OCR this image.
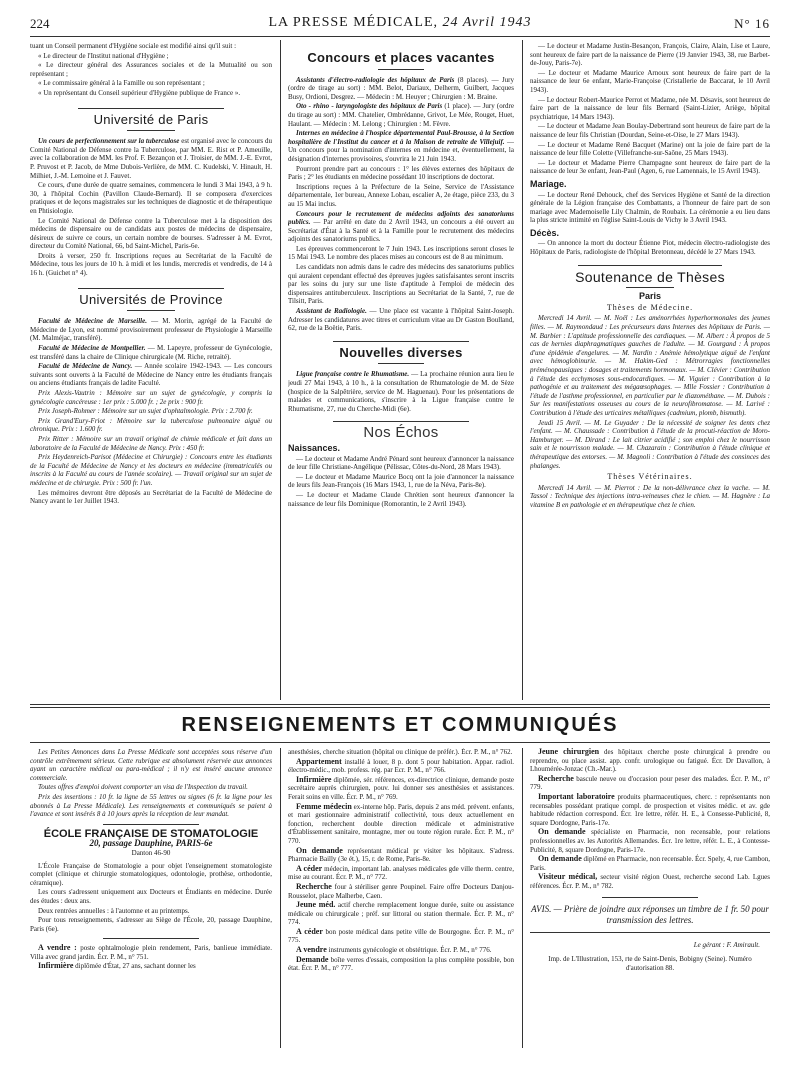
224	LA PRESSE MÉDICALE, 24 Avril 1943	N° 16

tuant un Conseil permanent d'Hygiène sociale est modifié ainsi qu'il suit :

« Le directeur de l'Institut national d'Hygiène ;

« Le directeur général des Assurances sociales et de la Mutualité ou son représentant ;

« Le commissaire général à la Famille ou son représentant ;

« Un représentant du Conseil supérieur d'Hygiène publique de France ».

Université de Paris

Un cours de perfectionnement sur la tuberculose est organisé avec le concours du Comité National de Défense contre la Tuberculose, par MM. E. Rist et P. Ameuille, avec la collaboration de MM. les Prof. F. Bezançon et J. Troisier, de MM. J.-E. Evrot, P. Pruvost et P. Jacob, de Mme Dubois-Verlière, de MM. C. Kudelski, V. Hinault, H. Milhiet, J.-M. Lemoine et J. Fauvet.

Ce cours, d'une durée de quatre semaines, commencera le lundi 3 Mai 1943, à 9 h. 30, à l'hôpital Cochin (Pavillon Claude-Bernard). Il se composera d'exercices pratiques et de leçons magistrales sur les techniques de diagnostic et de thérapeutique en Phtisiologie.

Le Comité National de Défense contre la Tuberculose met à la disposition des médecins de dispensaire ou de candidats aux postes de médecins de dispensaire, désireux de suivre ce cours, un certain nombre de bourses. S'adresser à M. Evrot, directeur du Comité National, 66, bd Saint-Michel, Paris-6e.

Droits à verser, 250 fr. Inscriptions reçues au Secrétariat de la Faculté de Médecine, tous les jours de 10 h. à midi et les lundis, mercredis et vendredis, de 14 à 16 h. (Guichet n° 4).

Universités de Province

Faculté de Médecine de Marseille. — M. Morin, agrégé de la Faculté de Médecine de Lyon, est nommé provisoirement professeur de Physiologie à Marseille (M. Malméjac, transféré).

Faculté de Médecine de Montpellier. — M. Lapeyre, professeur de Gynécologie, est transféré dans la chaire de Clinique chirurgicale (M. Riche, retraité).

Faculté de Médecine de Nancy. — Année scolaire 1942-1943. — Les concours suivants sont ouverts à la Faculté de Médecine de Nancy entre les étudiants français ou anciens étudiants français de ladite Faculté.

Prix Alexis-Vautrin : Mémoire sur un sujet de gynécologie, y compris la gynécologie cancéreuse : 1er prix : 5.000 fr. ; 2e prix : 900 fr.

Prix Joseph-Rohmer : Mémoire sur un sujet d'ophtalmologie. Prix : 2.700 fr.

Prix Grand'Eury-Friot : Mémoire sur la tuberculose pulmonaire aiguë ou chronique. Prix : 1.600 fr.

Prix Ritter : Mémoire sur un travail original de chimie médicale et fait dans un laboratoire de la Faculté de Médecine de Nancy. Prix : 450 fr.

Prix Heydenreich-Parisot (Médecine et Chirurgie) : Concours entre les étudiants de la Faculté de Médecine de Nancy et les docteurs en médecine (immatriculés ou inscrits à la Faculté au cours de l'année scolaire). — Travail original sur un sujet de médecine et de chirurgie. Prix : 500 fr. l'un.

Les mémoires devront être déposés au Secrétariat de la Faculté de Médecine de Nancy avant le 1er Juillet 1943.

Concours et places vacantes

Assistants d'électro-radiologie des hôpitaux de Paris (8 places). — Jury (ordre de tirage au sort) : MM. Belot, Dariaux, Delherm, Guilbert, Jacques Busy, Ordioni, Desgrez. — Médecin : M. Heuyer ; Chirurgien : M. Braine.

Oto - rhino - laryngologiste des hôpitaux de Paris (1 place). — Jury (ordre du tirage au sort) : MM. Chatelier, Ombrédanne, Grivot, Le Mée, Rouget, Huet, Haulant. — Médecin : M. Lelong ; Chirurgien : M. Fèvre.

Internes en médecine à l'hospice départemental Paul-Brousse, à la Section hospitalière de l'Institut du cancer et à la Maison de retraite de Villejuif. — Un concours pour la nomination d'internes en médecine et, éventuellement, la désignation d'internes provisoires, s'ouvrira le 21 Juin 1943.

Pourront prendre part au concours : 1° les élèves externes des hôpitaux de Paris ; 2° les étudiants en médecine possédant 10 inscriptions de doctorat.

Inscriptions reçues à la Préfecture de la Seine, Service de l'Assistance départementale, 1er bureau, Annexe Lobau, escalier A, 2e étage, pièce 233, du 3 au 15 Mai inclus.

Concours pour le recrutement de médecins adjoints des sanatoriums publics. — Par arrêté en date du 2 Avril 1943, un concours a été ouvert au Secrétariat d'État à la Santé et à la Famille pour le recrutement des médecins adjoints des sanatoriums publics.

Les épreuves commenceront le 7 Juin 1943. Les inscriptions seront closes le 15 Mai 1943. Le nombre des places mises au concours est de 8 au minimum.

Les candidats non admis dans le cadre des médecins des sanatoriums publics qui auraient cependant effectué des épreuves jugées satisfaisantes seront inscrits par les soins du jury sur une liste d'aptitude à l'emploi de médecin des dispensaires antituberculeux. Inscriptions au Secrétariat de la Santé, 7, rue de Tilsitt, Paris.

Assistant de Radiologie. — Une place est vacante à l'hôpital Saint-Joseph. Adresser les candidatures avec titres et curriculum vitae au Dr Gaston Boulland, 62, rue de la Boëtie, Paris.

Nouvelles diverses

Ligue française contre le Rhumatisme. — La prochaine réunion aura lieu le jeudi 27 Mai 1943, à 10 h., à la consultation de Rhumatologie de M. de Sèze (hospice de la Salpêtrière, service de M. Haguenau). Pour les présentations de malades et communications, s'inscrire à la Ligue française contre le Rhumatisme, 27, rue du Cherche-Midi (6e).

Nos Échos
Naissances.

— Le docteur et Madame André Pénard sont heureux d'annoncer la naissance de leur fille Christiane-Angélique (Pélissac, Côtes-du-Nord, 28 Mars 1943).

— Le docteur et Madame Maurice Bocq ont la joie d'annoncer la naissance de leurs fils Jean-François (16 Mars 1943, 1, rue de la Néva, Paris-8e).

— Le docteur et Madame Claude Chrétien sont heureux d'annoncer la naissance de leur fils Dominique (Romorantin, le 2 Avril 1943).

— Le docteur et Madame Justin-Besançon, François, Claire, Alain, Lise et Laure, sont heureux de faire part de la naissance de Pierre (19 Janvier 1943, 38, rue Barbet-de-Jouy, Paris-7e).

— Le docteur et Madame Maurice Arnoux sont heureux de faire part de la naissance de leur 6e enfant, Marie-Françoise (Cristallerie de Baccarat, le 10 Avril 1943).

— Le docteur Robert-Maurice Perrot et Madame, née M. Désavis, sont heureux de faire part de la naissance de leur fils Bernard (Saint-Lizier, Ariège, hôpital psychiatrique, 14 Mars 1943).

— Le docteur et Madame Jean Boulay-Debertrand sont heureux de faire part de la naissance de leur fils Christian (Dourdan, Seine-et-Oise, le 27 Mars 1943).

— Le docteur et Madame René Bacquet (Marine) ont la joie de faire part de la naissance de leur fille Colette (Villefranche-sur-Saône, 25 Mars 1943).

— Le docteur et Madame Pierre Champagne sont heureux de faire part de la naissance de leur 3e enfant, Jean-Paul (Agen, 6, rue Lamennais, le 15 Avril 1943).

Mariage.

— Le docteur René Dehouck, chef des Services Hygiène et Santé de la direction générale de la Légion française des Combattants, a l'honneur de faire part de son mariage avec Mademoiselle Lily Chalmin, de Roubaix. La cérémonie a eu lieu dans la plus stricte intimité en l'église Saint-Louis de Vichy le 3 Avril 1943.

Décès.

— On annonce la mort du docteur Étienne Piot, médecin électro-radiologiste des Hôpitaux de Paris, radiologiste de l'hôpital Bretonneau, décédé le 27 Mars 1943.

Soutenance de Thèses
Paris
Thèses de Médecine.

Mercredi 14 Avril. — M. Noël : Les aménorrhées hyperhormonales des jeunes filles. — M. Raymondaud : Les précurseurs dans Internes des hôpitaux de Paris. — M. Barbier : L'aptitude professionnelle des cardiaques. — M. Albert : À propos de 5 cas de hernies diaphragmatiques gauches de l'adulte. — M. Gourgand : À propos d'une épidémie d'engelures. — M. Nardin : Anémie hémolytique aiguë de l'enfant avec hémoglobinurie. — M. Hakim-Ged : Métrorragies fonctionnelles préménopausiques : dosages et traitements hormonaux. — M. Clévier : Contribution à l'étude des ecchymoses sous-endocardiques. — M. Viguier : Contribution à la pathogénie et au traitement des mégaœsophages. — Mlle Fossier : Contribution à l'étude de l'asthme professionnel, en particulier par le diazométhane. — M. Dubois : Sur les manifestations osseuses au cours de la neurofibromatose. — M. Larivé : Contribution à l'étude des urticaires métalliques (cadmium, plomb, bismuth).

Jeudi 15 Avril. — M. Le Guyader : De la nécessité de soigner les dents chez l'enfant. — M. Chaussade : Contribution à l'étude de la procuti-réaction de Moro-Hamburger. — M. Dirand : Le lait citrier acidifié ; son emploi chez le nourrisson sain et le nourrisson malade. — M. Chazarain : Contribution à l'étude clinique et thérapeutique des entorses. — M. Magnoli : Contribution à l'étude des consinces des phalanges.

Thèses Vétérinaires.

Mercredi 14 Avril. — M. Pierrot : De la non-délivrance chez la vache. — M. Tassol : Technique des injections intra-veineuses chez le chien. — M. Hagnère : La vitamine B en pathologie et en thérapeutique chez le chien.

RENSEIGNEMENTS ET COMMUNIQUÉS

Les Petites Annonces dans La Presse Médicale sont acceptées sous réserve d'un contrôle extrêmement sérieux. Cette rubrique est absolument réservée aux annonces ayant un caractère médical ou para-médical ; il n'y est inséré aucune annonce commerciale.

Toutes offres d'emploi doivent comporter un visa de l'Inspection du travail.

Prix des insertions : 10 fr. la ligne de 55 lettres ou signes (6 fr. la ligne pour les abonnés à La Presse Médicale). Les renseignements et communiqués se paient à l'avance et sont insérés 8 à 10 jours après la réception de leur mandat.

ÉCOLE FRANÇAISE DE STOMATOLOGIE
20, passage Dauphine, PARIS-6e
Danton 46-90

L'École Française de Stomatologie a pour objet l'enseignement stomatologiste complet (clinique et chirurgie stomatologiques, odontologie, prothèse, orthodontie, céramique).

Les cours s'adressent uniquement aux Docteurs et Étudiants en médecine. Durée des études : deux ans.

Deux rentrées annuelles : à l'automne et au printemps.

Pour tous renseignements, s'adresser au Siège de l'École, 20, passage Dauphine, Paris (6e).

A vendre : poste ophtalmologie plein rendement, Paris, banlieue immédiate. Villa avec grand jardin. Écr. P. M., n° 751.

Infirmière diplômée d'État, 27 ans, sachant donner les

anesthésies, cherche situation (hôpital ou clinique de préfér.). Écr. P. M., n° 762.

Appartement installé à louer, 8 p. dont 5 pour habitation. Appar. radiol. électro-médic., mob. profess. rég. par Ecr. P. M., n° 766.

Infirmière diplômée, sér. références, ex-directrice clinique, demande poste secrétaire auprès chirurgien, pouv. lui donner ses anesthésies et assistances. Ferait soins en ville. Écr. P. M., n° 769.

Femme médecin ex-interne hôp. Paris, depuis 2 ans méd. prévent. enfants, et mari gestionnaire administratif collectivité, tous deux actuellement en fonction, recherchent double direction médicale et administrative d'Établissement sanitaire, montagne, mer ou toute région rurale. Écr. P. M., n° 770.

On demande représentant médical pr visiter les hôpitaux. S'adress. Pharmacie Bailly (3e ét.), 15, r. de Rome, Paris-8e.

A céder médecin, important lab. analyses médicales gde ville therm. centre, mise au courant. Écr. P. M., n° 772.

Recherche four à stériliser genre Poupinel. Faire offre Docteurs Danjou-Rousselot, place Malherbe, Caen.

Jeune méd. actif cherche remplacement longue durée, suite ou assistance médicale ou chirurgicale ; préf. sur littoral ou station thermale. Écr. P. M., n° 774.

A céder bon poste médical dans petite ville de Bourgogne. Écr. P. M., n° 775.

A vendre instruments gynécologie et obstétrique. Écr. P. M., n° 776.

Demande boîte verres d'essais, composition la plus complète possible, bon état. Écr. P. M., n° 777.

Jeune chirurgien des hôpitaux cherche poste chirurgical à prendre ou reprendre, ou place assist. app. confr. urologique ou fatigué. Écr. Dr Davallon, à Lhoumérée-Jonzac (Ch.-Mar.).

Recherche bascule neuve ou d'occasion pour peser des malades. Écr. P. M., n° 779.

Important laboratoire produits pharmaceutiques, cherc. : représentants non recensables possédant pratique compl. de prospection et visites médic. et av. gde habitude rédaction correspond. Écr. 1re lettre, référ. H. E., à Consesse-Publicité, 8, square Dordogne, Paris-17e.

On demande spécialiste en Pharmacie, non recensable, pour relations professionnelles av. les Autorités Allemandes. Écr. 1re lettre, référ. L. E., à Contesse-Publicité, 8, square Dordogne, Paris-17e.

On demande diplômé en Pharmacie, non recensable. Écr. Spely, 4, rue Cambon, Paris.

Visiteur médical, secteur visité région Ouest, recherche second Lab. Lgues références. Écr. P. M., n° 782.

AVIS. — Prière de joindre aux réponses un timbre de 1 fr. 50 pour transmission des lettres.
Le gérant : F. Amirault.
Imp. de L'Illustration, 153, rte de Saint-Denis, Bobigny (Seine). Numéro d'autorisation 88.
